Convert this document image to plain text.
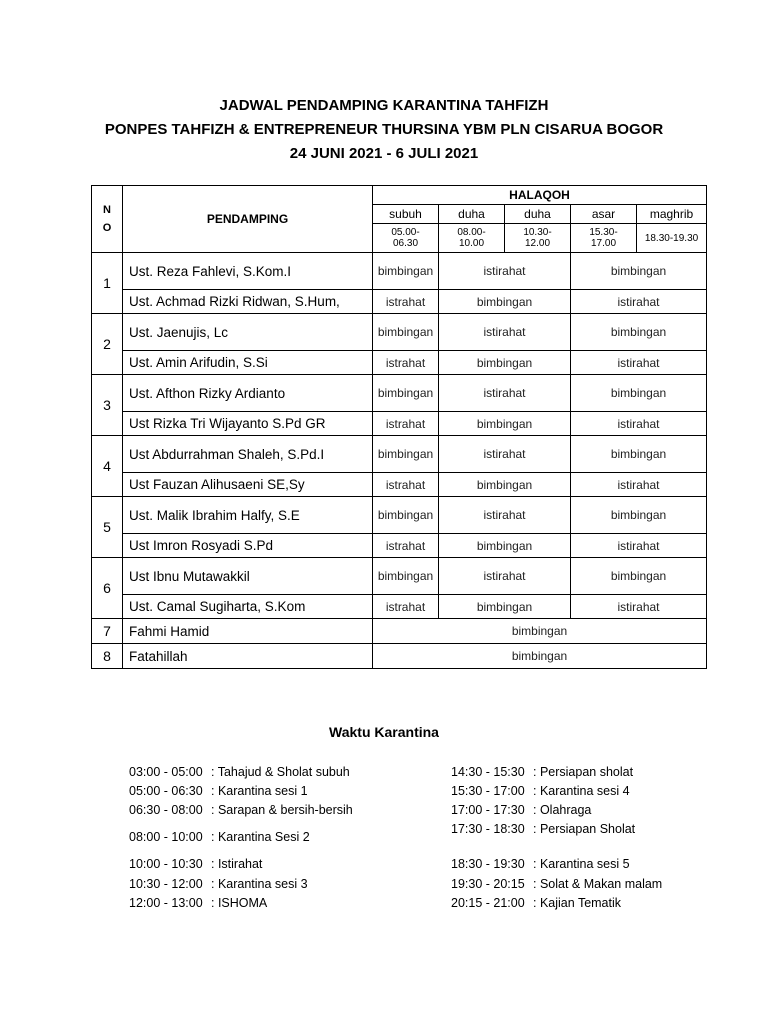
JADWAL PENDAMPING KARANTINA TAHFIZH
PONPES TAHFIZH & ENTREPRENEUR THURSINA YBM PLN CISARUA BOGOR
24 JUNI 2021 - 6 JULI 2021
N
O	PENDAMPING	HALAQOH				
		subuh	duha	duha	asar	maghrib
		05.00-06.30	08.00-10.00	10.30-12.00	15.30-17.00	18.30-19.30
1	Ust. Reza Fahlevi, S.Kom.I	bimbingan	istirahat		bimbingan	
	Ust. Achmad Rizki Ridwan, S.Hum,	istrahat	bimbingan		istirahat	
2	Ust. Jaenujis, Lc	bimbingan	istirahat		bimbingan	
	Ust. Amin Arifudin, S.Si	istrahat	bimbingan		istirahat	
3	Ust. Afthon Rizky Ardianto	bimbingan	istirahat		bimbingan	
	Ust Rizka Tri Wijayanto S.Pd GR	istrahat	bimbingan		istirahat	
4	Ust Abdurrahman Shaleh, S.Pd.I	bimbingan	istirahat		bimbingan	
	Ust Fauzan Alihusaeni SE,Sy	istrahat	bimbingan		istirahat	
5	Ust. Malik Ibrahim Halfy, S.E	bimbingan	istirahat		bimbingan	
	Ust Imron Rosyadi S.Pd	istrahat	bimbingan		istirahat	
6	Ust Ibnu Mutawakkil	bimbingan	istirahat		bimbingan	
	Ust. Camal Sugiharta, S.Kom	istrahat	bimbingan		istirahat	
7	Fahmi Hamid	bimbingan				
8	Fatahillah	bimbingan				
Waktu Karantina
03:00 - 05:00 : Tahajud & Sholat subuh
05:00 - 06:30 : Karantina sesi 1
06:30 - 08:00 : Sarapan & bersih-bersih
08:00 - 10:00 : Karantina Sesi 2
10:00 - 10:30 : Istirahat
10:30 - 12:00 : Karantina sesi 3
12:00 - 13:00 : ISHOMA
14:30 - 15:30 : Persiapan sholat
15:30 - 17:00 : Karantina sesi 4
17:00 - 17:30 : Olahraga
17:30 - 18:30 : Persiapan Sholat
18:30 - 19:30 : Karantina sesi 5
19:30 - 20:15 : Solat & Makan malam
20:15 - 21:00 : Kajian Tematik
